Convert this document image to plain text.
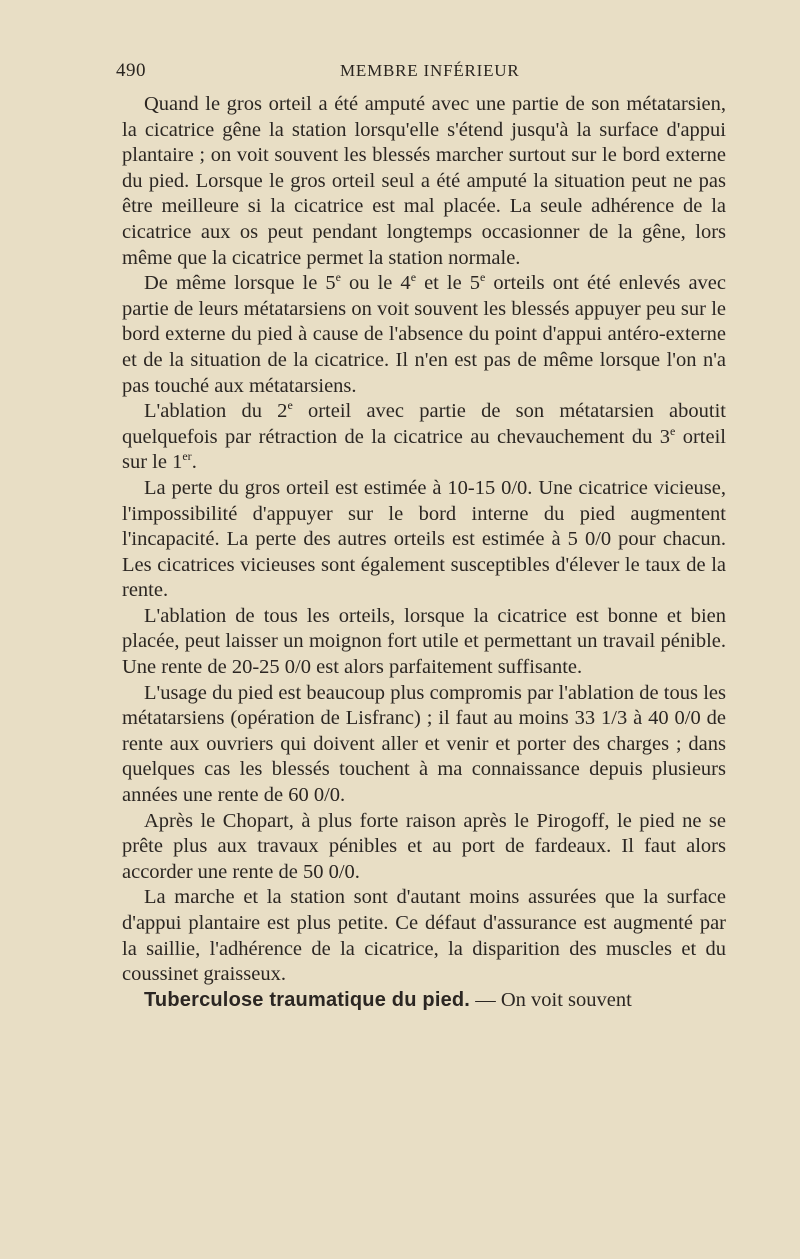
490	MEMBRE INFÉRIEUR

Quand le gros orteil a été amputé avec une partie de son métatarsien, la cicatrice gêne la station lorsqu'elle s'étend jusqu'à la surface d'appui plantaire ; on voit souvent les blessés marcher surtout sur le bord externe du pied. Lorsque le gros orteil seul a été amputé la situation peut ne pas être meilleure si la cicatrice est mal placée. La seule adhérence de la cicatrice aux os peut pendant longtemps occasionner de la gêne, lors même que la cicatrice permet la station normale.

De même lorsque le 5e ou le 4e et le 5e orteils ont été enlevés avec partie de leurs métatarsiens on voit souvent les blessés appuyer peu sur le bord externe du pied à cause de l'absence du point d'appui antéro-externe et de la situation de la cicatrice. Il n'en est pas de même lorsque l'on n'a pas touché aux métatarsiens.

L'ablation du 2e orteil avec partie de son métatarsien aboutit quelquefois par rétraction de la cicatrice au chevauchement du 3e orteil sur le 1er.

La perte du gros orteil est estimée à 10-15 0/0. Une cicatrice vicieuse, l'impossibilité d'appuyer sur le bord interne du pied augmentent l'incapacité. La perte des autres orteils est estimée à 5 0/0 pour chacun. Les cicatrices vicieuses sont également susceptibles d'élever le taux de la rente.

L'ablation de tous les orteils, lorsque la cicatrice est bonne et bien placée, peut laisser un moignon fort utile et permettant un travail pénible. Une rente de 20-25 0/0 est alors parfaitement suffisante.

L'usage du pied est beaucoup plus compromis par l'ablation de tous les métatarsiens (opération de Lisfranc) ; il faut au moins 33 1/3 à 40 0/0 de rente aux ouvriers qui doivent aller et venir et porter des charges ; dans quelques cas les blessés touchent à ma connaissance depuis plusieurs années une rente de 60 0/0.

Après le Chopart, à plus forte raison après le Pirogoff, le pied ne se prête plus aux travaux pénibles et au port de fardeaux. Il faut alors accorder une rente de 50 0/0.

La marche et la station sont d'autant moins assurées que la surface d'appui plantaire est plus petite. Ce défaut d'assurance est augmenté par la saillie, l'adhérence de la cicatrice, la disparition des muscles et du coussinet graisseux.

Tuberculose traumatique du pied. — On voit souvent
